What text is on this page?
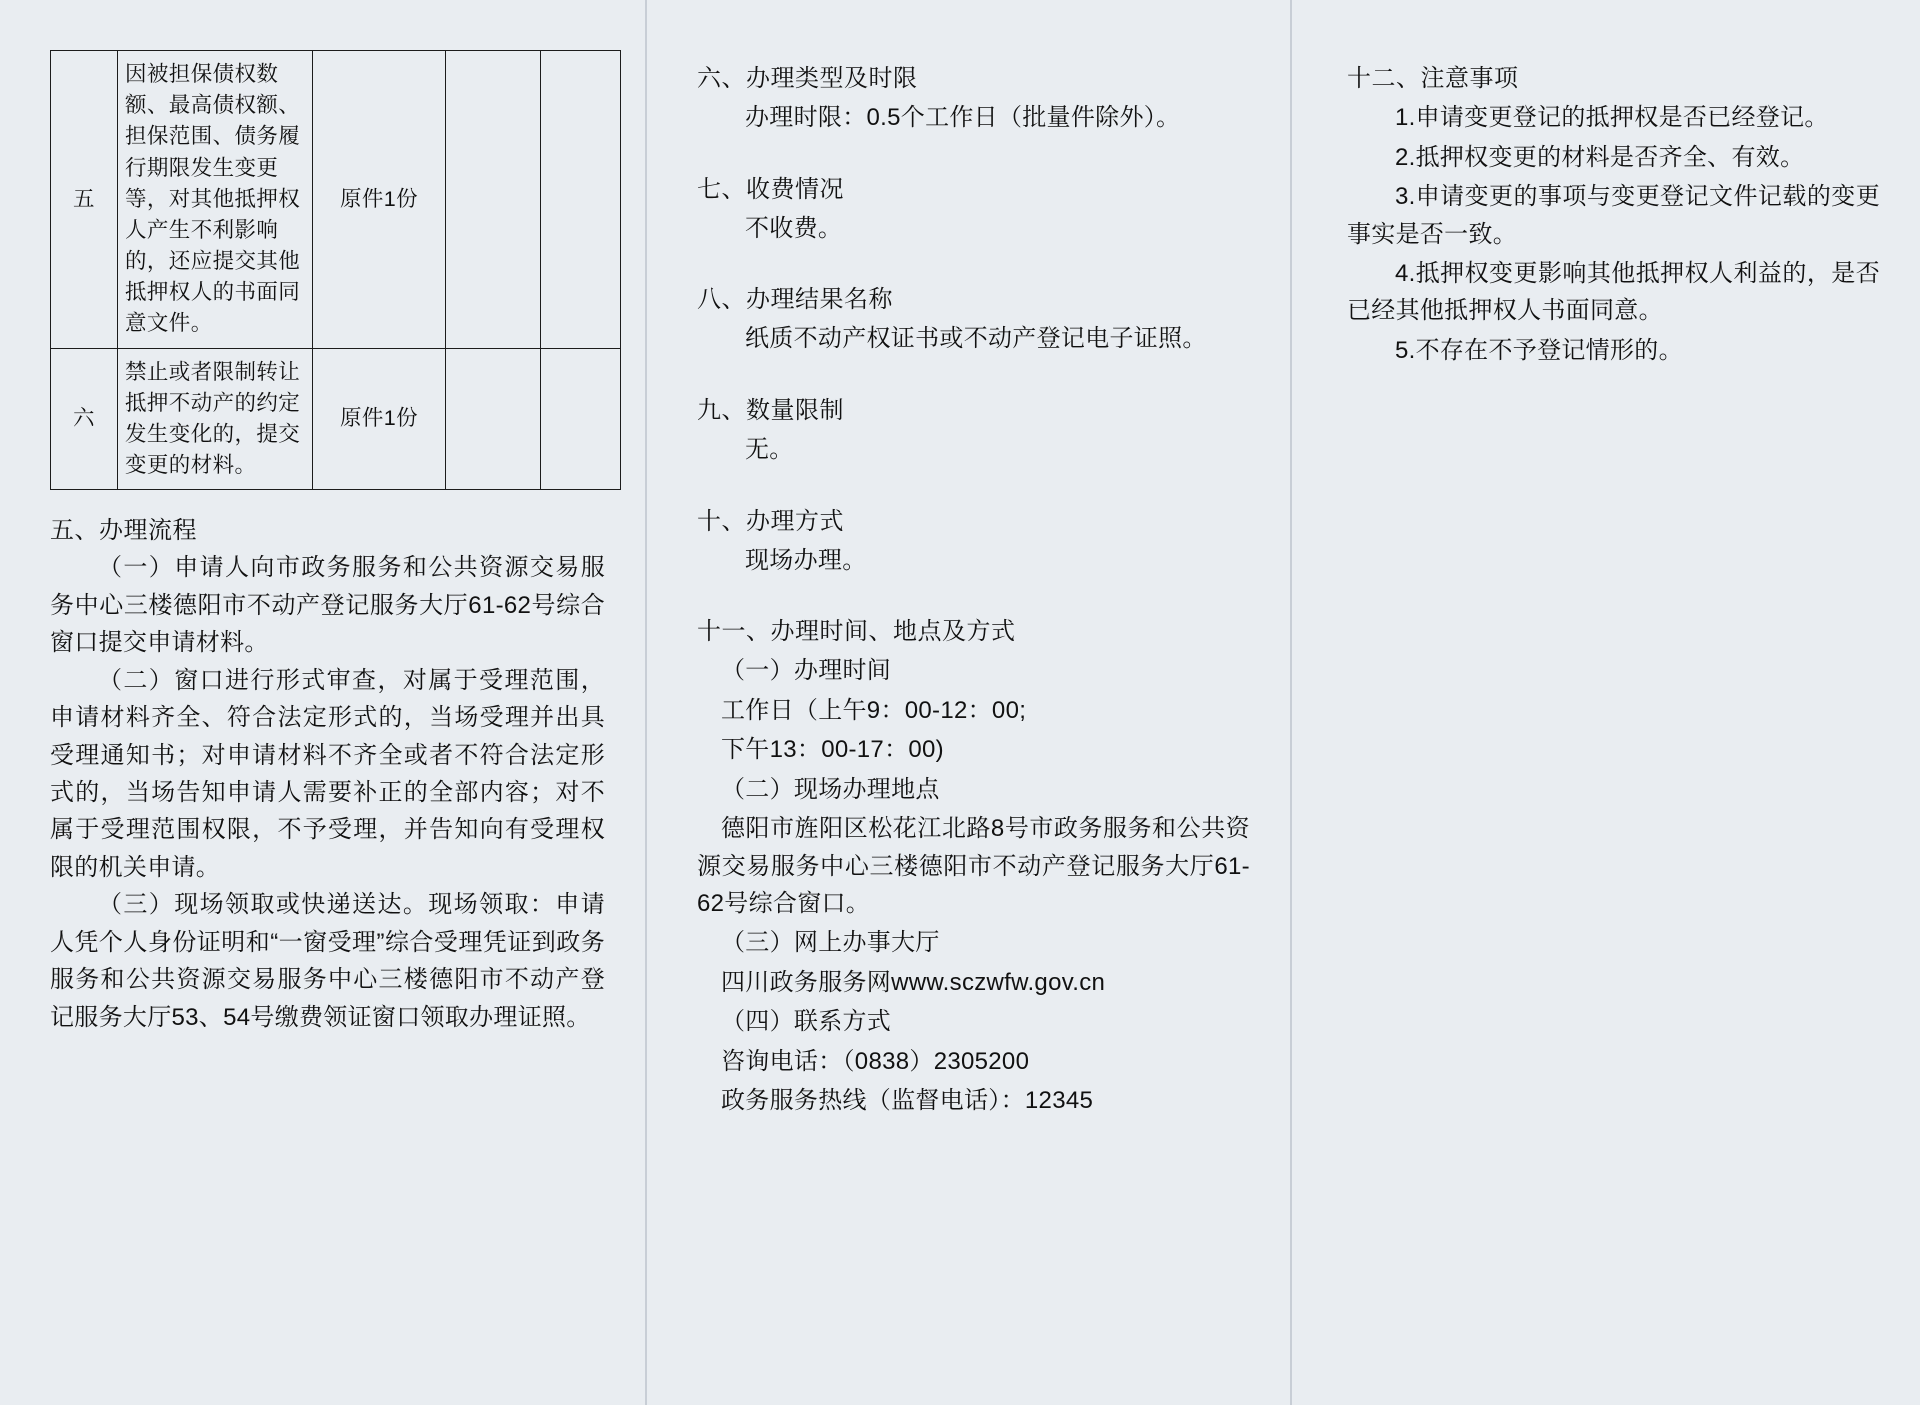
五	因被担保债权数额、最高债权额、担保范围、债务履行期限发生变更等，对其他抵押权人产生不利影响的，还应提交其他抵押权人的书面同意文件。	原件1份		
六	禁止或者限制转让抵押不动产的约定发生变化的，提交变更的材料。	原件1份		
五、办理流程

（一）申请人向市政务服务和公共资源交易服务中心三楼德阳市不动产登记服务大厅61-62号综合窗口提交申请材料。

（二）窗口进行形式审查，对属于受理范围，申请材料齐全、符合法定形式的，当场受理并出具受理通知书；对申请材料不齐全或者不符合法定形式的，当场告知申请人需要补正的全部内容；对不属于受理范围权限，不予受理，并告知向有受理权限的机关申请。

（三）现场领取或快递送达。现场领取：申请人凭个人身份证明和“一窗受理”综合受理凭证到政务服务和公共资源交易服务中心三楼德阳市不动产登记服务大厅53、54号缴费领证窗口领取办理证照。

六、办理类型及时限

办理时限：0.5个工作日（批量件除外）。

七、收费情况

不收费。

八、办理结果名称

纸质不动产权证书或不动产登记电子证照。

九、数量限制

无。

十、办理方式

现场办理。

十一、办理时间、地点及方式

（一）办理时间

工作日（上午9：00-12：00;

下午13：00-17：00)

（二）现场办理地点

德阳市旌阳区松花江北路8号市政务服务和公共资源交易服务中心三楼德阳市不动产登记服务大厅61-62号综合窗口。

（三）网上办事大厅

四川政务服务网www.sczwfw.gov.cn

（四）联系方式

咨询电话：（0838）2305200

政务服务热线（监督电话）：12345

十二、注意事项

1.申请变更登记的抵押权是否已经登记。

2.抵押权变更的材料是否齐全、有效。

3.申请变更的事项与变更登记文件记载的变更事实是否一致。

4.抵押权变更影响其他抵押权人利益的，是否已经其他抵押权人书面同意。

5.不存在不予登记情形的。
